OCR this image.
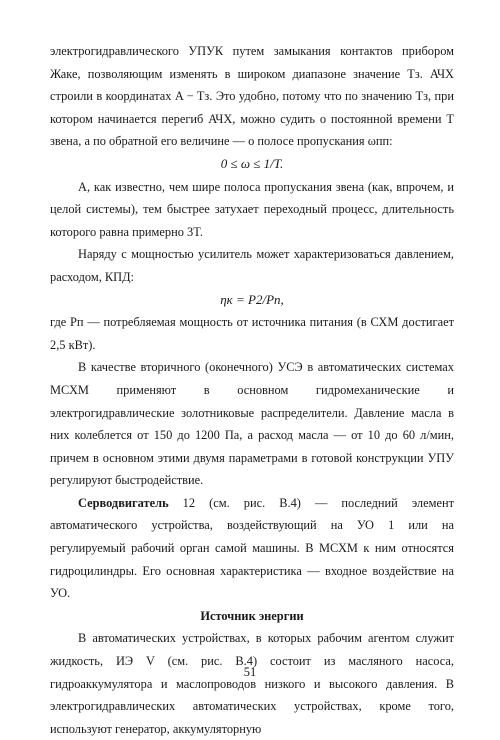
электрогидравлического УПУК путем замыкания контактов прибором Жаке, позволяющим изменять в широком диапазоне значение Tз. АЧХ строили в координатах A − Tз. Это удобно, потому что по значению Tз, при котором начинается перегиб АЧХ, можно судить о постоянной времени T звена, а по обратной его величине — о полосе пропускания ωпп:

0 ≤ ω ≤ 1/T.

А, как известно, чем шире полоса пропускания звена (как, впрочем, и целой системы), тем быстрее затухает переходный процесс, длительность которого равна примерно 3T.

Наряду с мощностью усилитель может характеризоваться давлением, расходом, КПД:

ηк = P2/Pп,

где Pп — потребляемая мощность от источника питания (в СХМ достигает 2,5 кВт).

В качестве вторичного (оконечного) УСЭ в автоматических системах МСХМ применяют в основном гидромеханические и электрогидравлические золотниковые распределители. Давление масла в них колеблется от 150 до 1200 Па, а расход масла — от 10 до 60 л/мин, причем в основном этими двумя параметрами в готовой конструкции УПУ регулируют быстродействие.

Серводвигатель 12 (см. рис. В.4) — последний элемент автоматического устройства, воздействующий на УО 1 или на регулируемый рабочий орган самой машины. В МСХМ к ним относятся гидроцилиндры. Его основная характеристика — входное воздействие на УО.

Источник энергии

В автоматических устройствах, в которых рабочим агентом служит жидкость, ИЭ V (см. рис. В.4) состоит из масляного насоса, гидроаккумулятора и маслопроводов низкого и высокого давления. В электрогидравлических автоматических устройствах, кроме того, используют генератор, аккумуляторную

51
